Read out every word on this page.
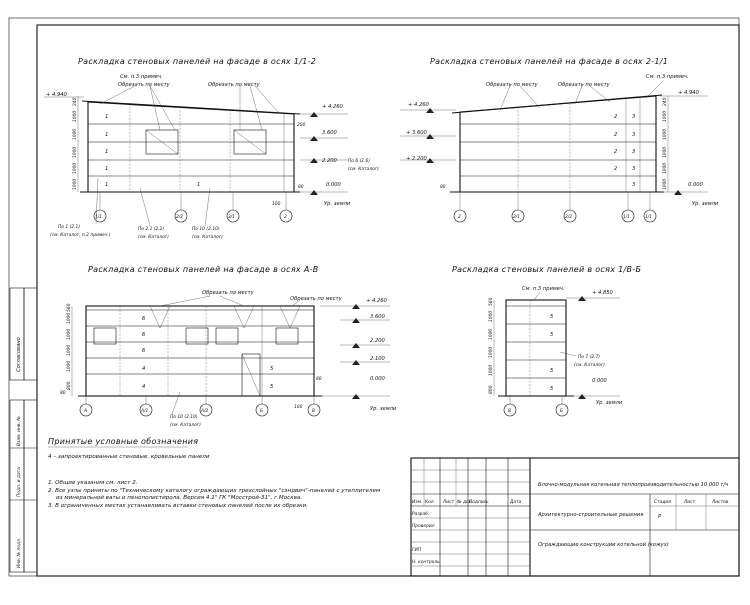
Согласовано
Взам. инв. №
Подп. и дата
Инв. № подл.
Раскладка стеновых панелей на фасаде в осях 1/1-2
См. п.3 примеч.
Обрезать по месту	Обрезать по месту
240
1000
1000
1000
1000
1000
+ 4.940
1
1
1
1
1	1
+ 4.260
3.600
2.200
0.000
Ур. земли
200
80
100
1/1	2/2	3/1	2
По 1 (2.1)
(см. Каталог, п.2 примеч.)
По 2.1 (2.2)
(см. Каталог)
По 10 (2.10)
(см. Каталог)
По 6 (2.6)
(см. Каталог)
Раскладка стеновых панелей на фасаде в осях 2-1/1
Обрезать по месту	Обрезать по месту
См. п.3 примеч.
+ 4.260
+ 3.600
+ 2.200
80
+ 4.940
0.000
Ур. земли
240
1000
1000
1000
1000
1000
2
2
2
2
3
3
3
3
3
2	2/1	2/2	1/1	1/1
Раскладка стеновых панелей на фасаде в осях А-В
Обрезать по месту
Обрезать по месту
560
1000
1000
1000
1000
800
80
6
6
6
4
4
5
5
+ 4.260
3.600
2.200
2.100
0.000
Ур. земли
80
100
А	А/1	А/2	Б	В
По 10 (2.10)
(см. Каталог)
Раскладка стеновых панелей в осях 1/В-Б
См. п.3 примеч.
560
1000
1000
1000
1000
800
5
5
5
5
+ 4.850
0.000
Ур. земли
По 7 (2.7)
(см. Каталог)
В	Б
Принятые условные обозначения
4 – запроектированные стеновые, кровельные панели
1. Общие указания см. лист 2.
2. Все узлы приняты по "Техническому каталогу ограждающих трехслойных "сэндвич"-панелей с утеплителем
из минеральной ваты и пенополистирола. Версия 4.1" ГК "Мосстрой-31", г.Москва.
3. В ограниченных местах устанавливать вставки стеновых панелей после их обрезки.
Изм. Кол. Лист № док.
Подпись	Дата
Разраб.
Проверил
ГИП
Н. контроль
Блочно-модульная котельная теплопроизводительностью 10.000 т/ч
Архитектурно-строительные решения
Ограждающие конструкции котельной (кожух)
Стадия	Лист	Листов
Р
